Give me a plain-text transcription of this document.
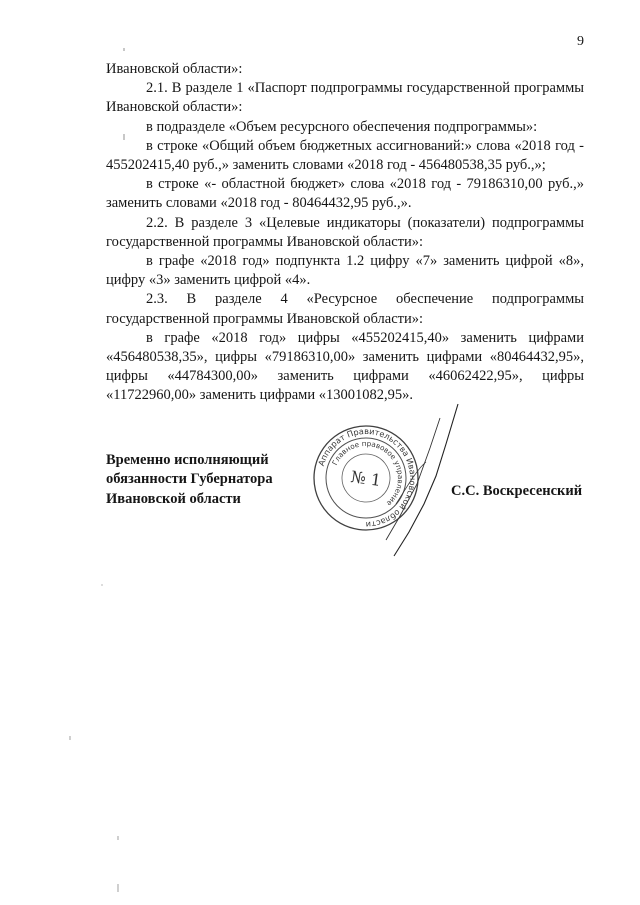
9

Ивановской области»:

2.1. В разделе 1 «Паспорт подпрограммы государственной программы Ивановской области»:

в подразделе «Объем ресурсного обеспечения подпрограммы»:

в строке «Общий объем бюджетных ассигнований:» слова «2018 год - 455202415,40 руб.,» заменить словами «2018 год - 456480538,35 руб.,»;

в строке «- областной бюджет» слова «2018 год - 79186310,00 руб.,» заменить словами «2018 год - 80464432,95 руб.,».

2.2. В разделе 3 «Целевые индикаторы (показатели) подпрограммы государственной программы Ивановской области»:

в графе «2018 год» подпункта 1.2 цифру «7» заменить цифрой «8», цифру «3» заменить цифрой «4».

2.3. В разделе 4 «Ресурсное обеспечение подпрограммы государственной программы Ивановской области»:

в графе «2018 год» цифры «455202415,40» заменить цифрами «456480538,35», цифры «79186310,00» заменить цифрами «80464432,95», цифры «44784300,00» заменить цифрами «46062422,95», цифры «11722960,00» заменить цифрами «13001082,95».

Временно исполняющий
обязанности Губернатора
Ивановской области
Аппарат Правительства Ивановской области
Главное правовое управление
№ 1
С.С. Воскресенский
